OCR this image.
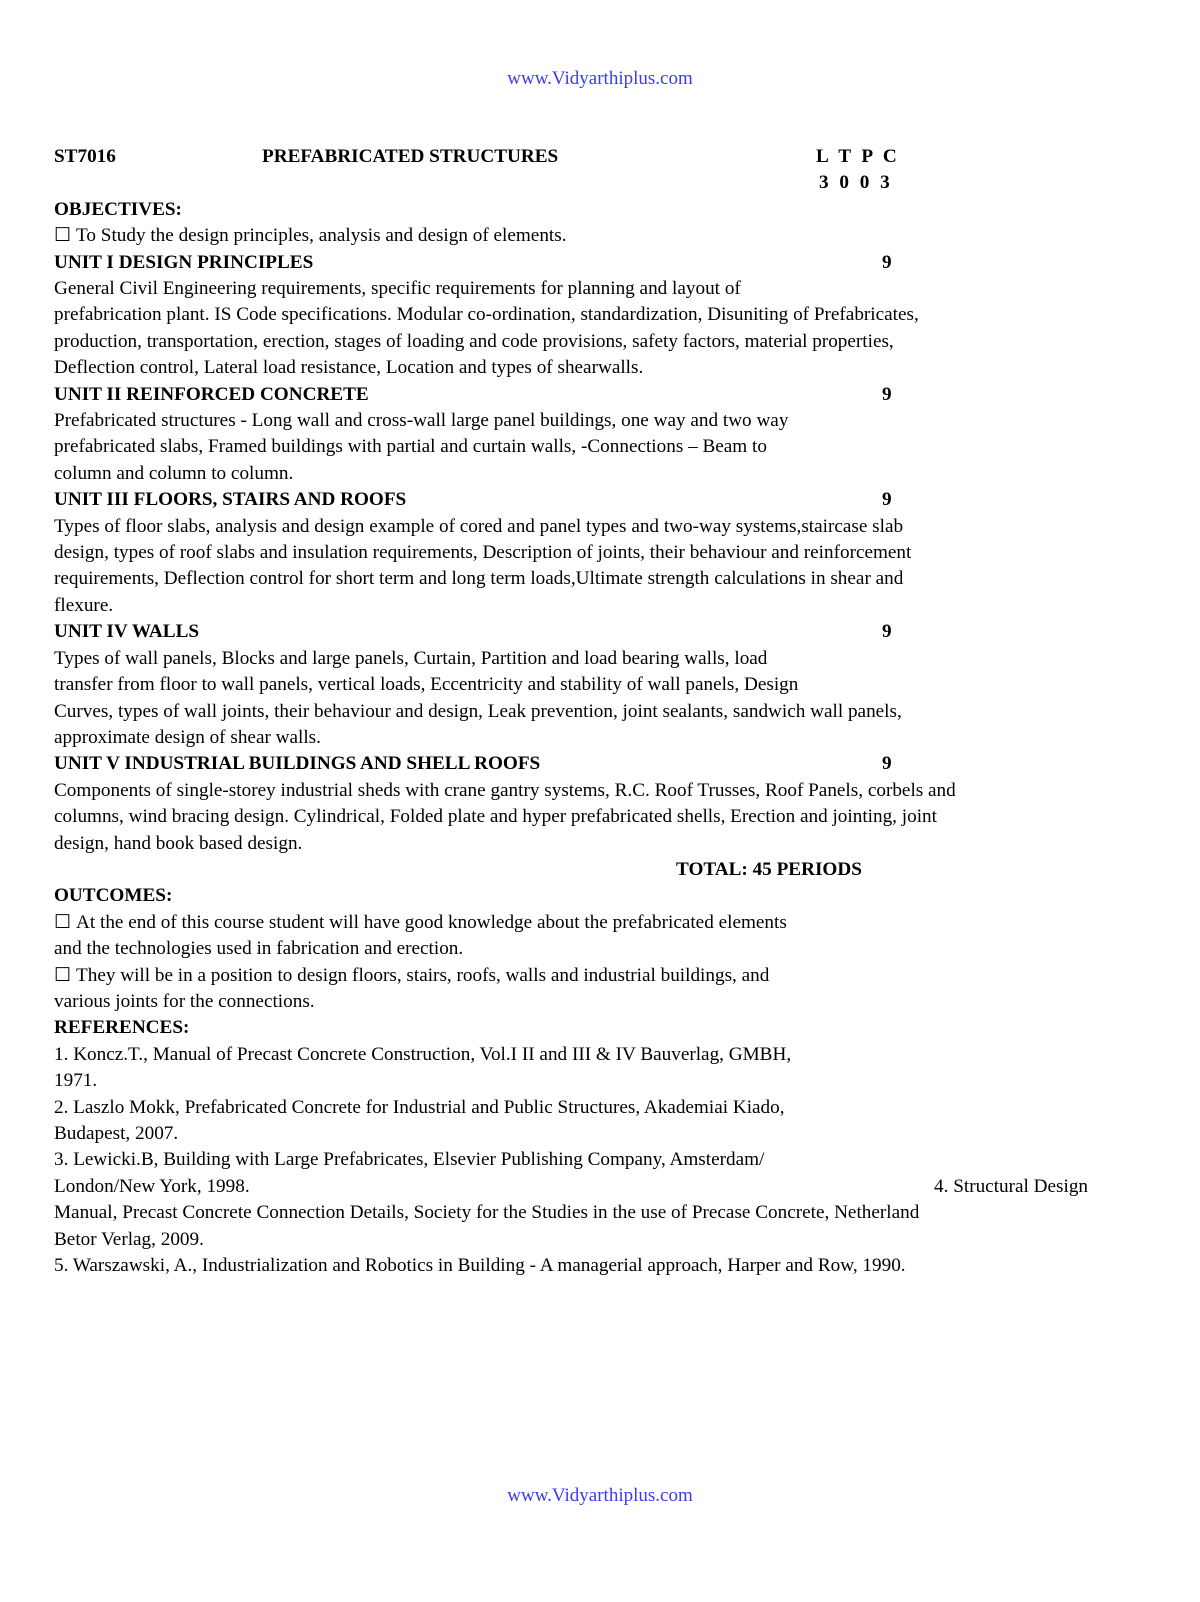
www.Vidyarthiplus.com
ST7016	PREFABRICATED STRUCTURES	L T P C
3 0 0 3
OBJECTIVES:
☐ To Study the design principles, analysis and design of elements.
UNIT I DESIGN PRINCIPLES	9
General Civil Engineering requirements, specific requirements for planning and layout of
prefabrication plant. IS Code specifications. Modular co-ordination, standardization, Disuniting of Prefabricates,
production, transportation, erection, stages of loading and code provisions, safety factors, material properties,
Deflection control, Lateral load resistance, Location and types of shearwalls.
UNIT II REINFORCED CONCRETE	9
Prefabricated structures - Long wall and cross-wall large panel buildings, one way and two way
prefabricated slabs, Framed buildings with partial and curtain walls, -Connections – Beam to
column and column to column.
UNIT III FLOORS, STAIRS AND ROOFS	9
Types of floor slabs, analysis and design example of cored and panel types and two-way systems,staircase slab
design, types of roof slabs and insulation requirements, Description of joints, their behaviour and reinforcement
requirements, Deflection control for short term and long term loads,Ultimate strength calculations in shear and
flexure.
UNIT IV WALLS	9
Types of wall panels, Blocks and large panels, Curtain, Partition and load bearing walls, load
transfer from floor to wall panels, vertical loads, Eccentricity and stability of wall panels, Design
Curves, types of wall joints, their behaviour and design, Leak prevention, joint sealants, sandwich wall panels,
approximate design of shear walls.
UNIT V INDUSTRIAL BUILDINGS AND SHELL ROOFS	9
Components of single-storey industrial sheds with crane gantry systems, R.C. Roof Trusses, Roof Panels, corbels and
columns, wind bracing design. Cylindrical, Folded plate and hyper prefabricated shells, Erection and jointing, joint
design, hand book based design.
TOTAL: 45 PERIODS
OUTCOMES:
☐ At the end of this course student will have good knowledge about the prefabricated elements
and the technologies used in fabrication and erection.
☐ They will be in a position to design floors, stairs, roofs, walls and industrial buildings, and
various joints for the connections.
REFERENCES:
1. Koncz.T., Manual of Precast Concrete Construction, Vol.I II and III & IV Bauverlag, GMBH,
1971.
2. Laszlo Mokk, Prefabricated Concrete for Industrial and Public Structures, Akademiai Kiado,
Budapest, 2007.
3. Lewicki.B, Building with Large Prefabricates, Elsevier Publishing Company, Amsterdam/
London/New York, 1998.	4. Structural Design
Manual, Precast Concrete Connection Details, Society for the Studies in the use of Precase Concrete, Netherland
Betor Verlag, 2009.
5. Warszawski, A., Industrialization and Robotics in Building - A managerial approach, Harper and Row, 1990.
www.Vidyarthiplus.com
